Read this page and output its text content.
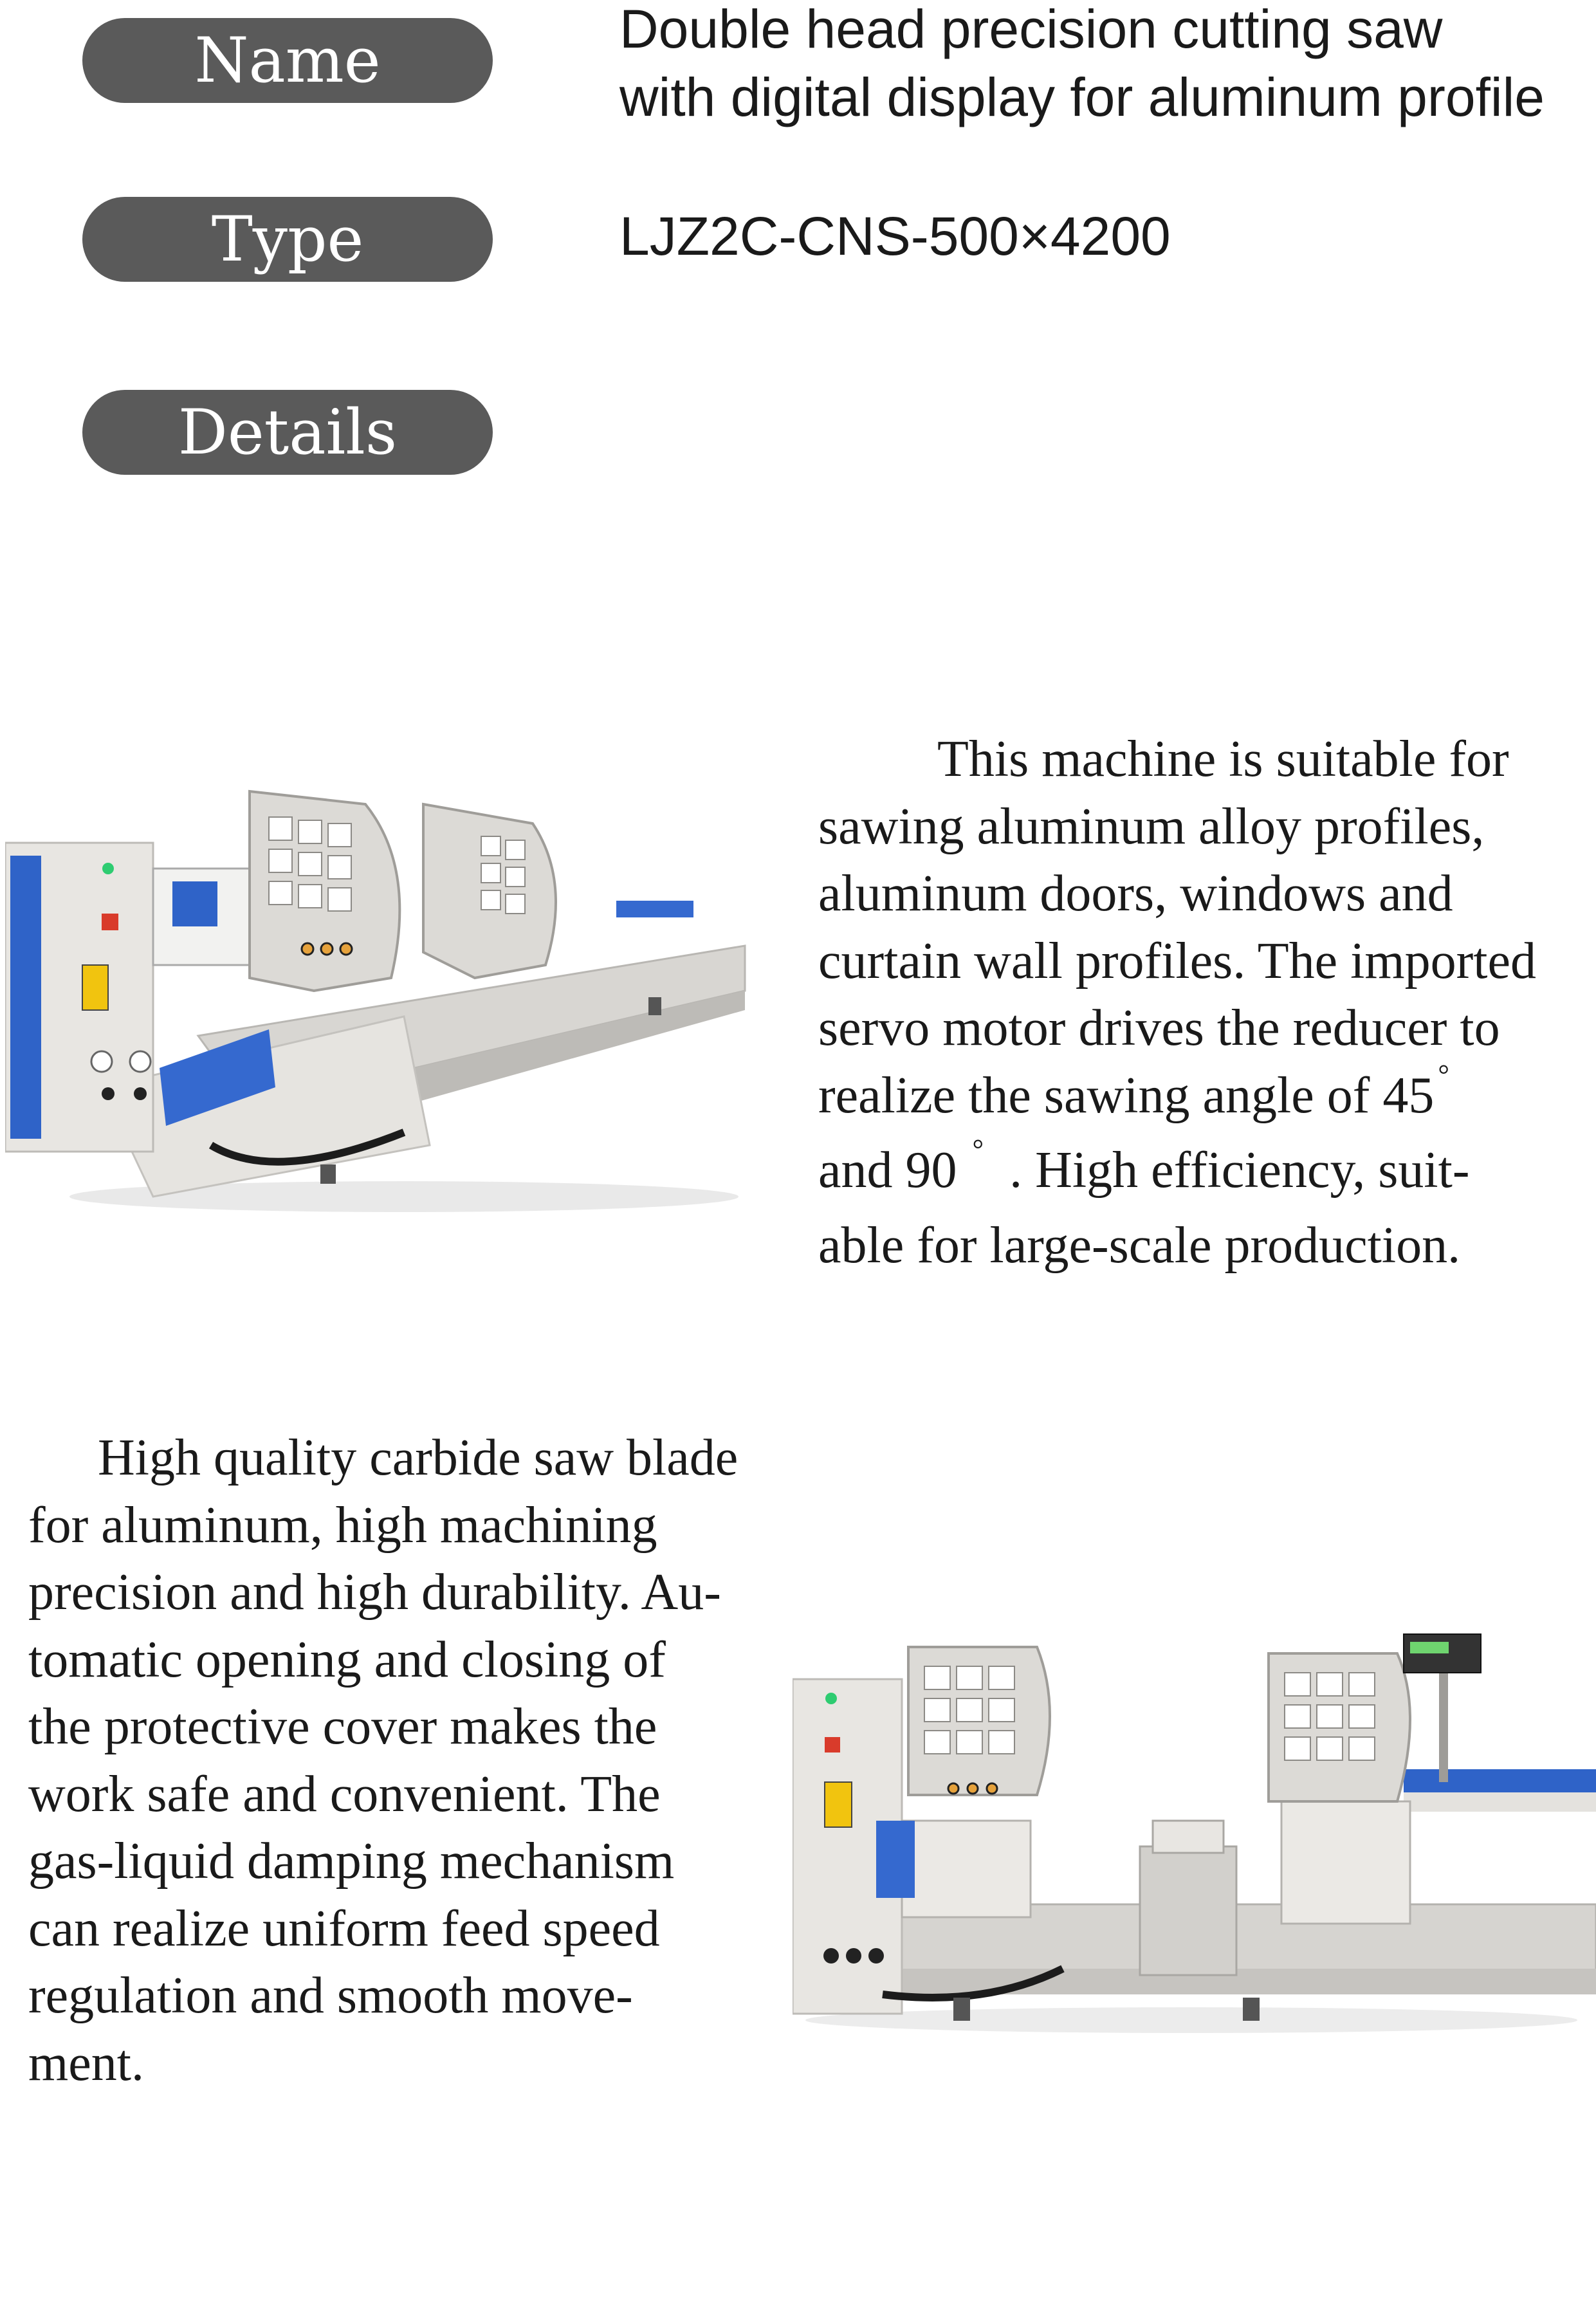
Name
Type
Details
Double head precision cutting saw
with digital display for aluminum profile
LJZ2C-CNS-500×4200
This machine is suitable for
sawing aluminum alloy profiles,
aluminum doors, windows and
curtain wall profiles. The imported
servo motor drives the reducer to
realize the sawing angle of 45 °
and 90 ° . High efficiency, suit-
able for large-scale production.
High quality carbide saw blade
for aluminum, high machining
precision and high durability. Au-
tomatic opening and closing of
the protective cover makes the
work safe and convenient. The
gas-liquid damping mechanism
can realize uniform feed speed
regulation and smooth move-
ment.
